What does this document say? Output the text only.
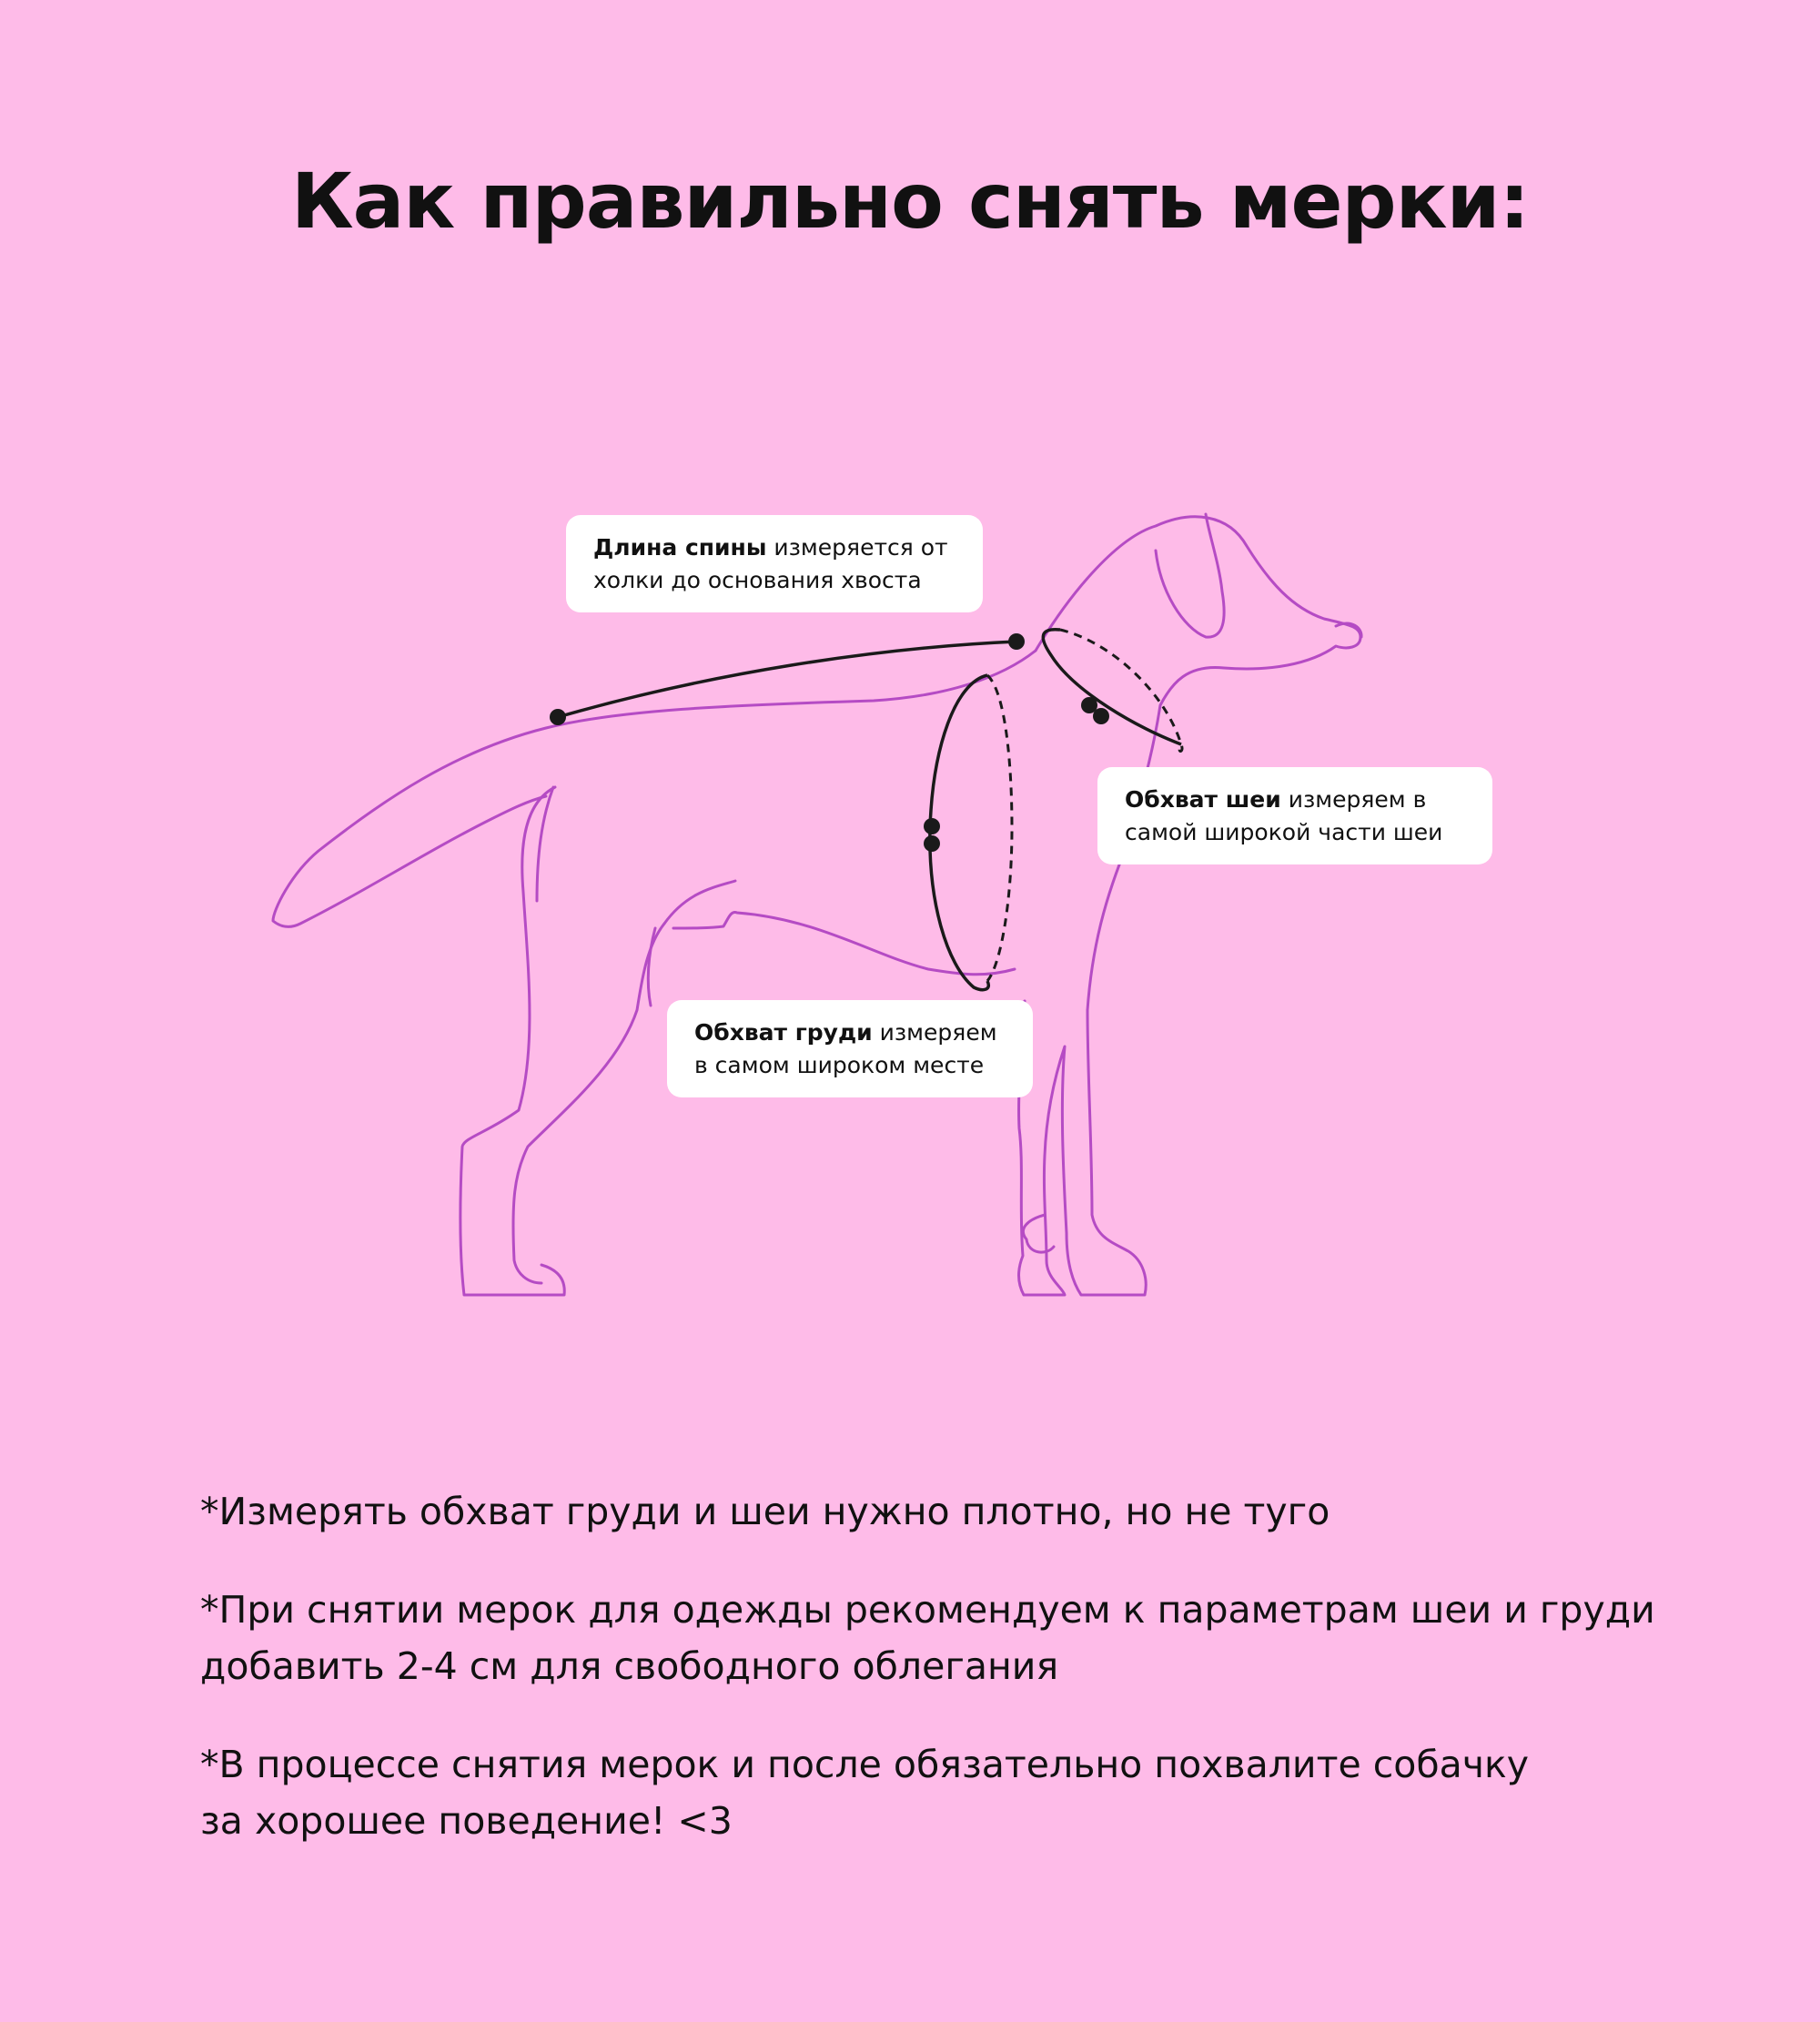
Как правильно снять мерки:
Длина спины измеряется от
холки до основания хвоста
Обхват шеи измеряем в
самой широкой части шеи
Обхват груди измеряем
в самом широком месте

*Измерять обхват груди и шеи нужно плотно, но не туго

*При снятии мерок для одежды рекомендуем к параметрам шеи и груди
добавить 2-4 см для свободного облегания

*В процессе снятия мерок и после обязательно похвалите собачку
за хорошее поведение! <3
